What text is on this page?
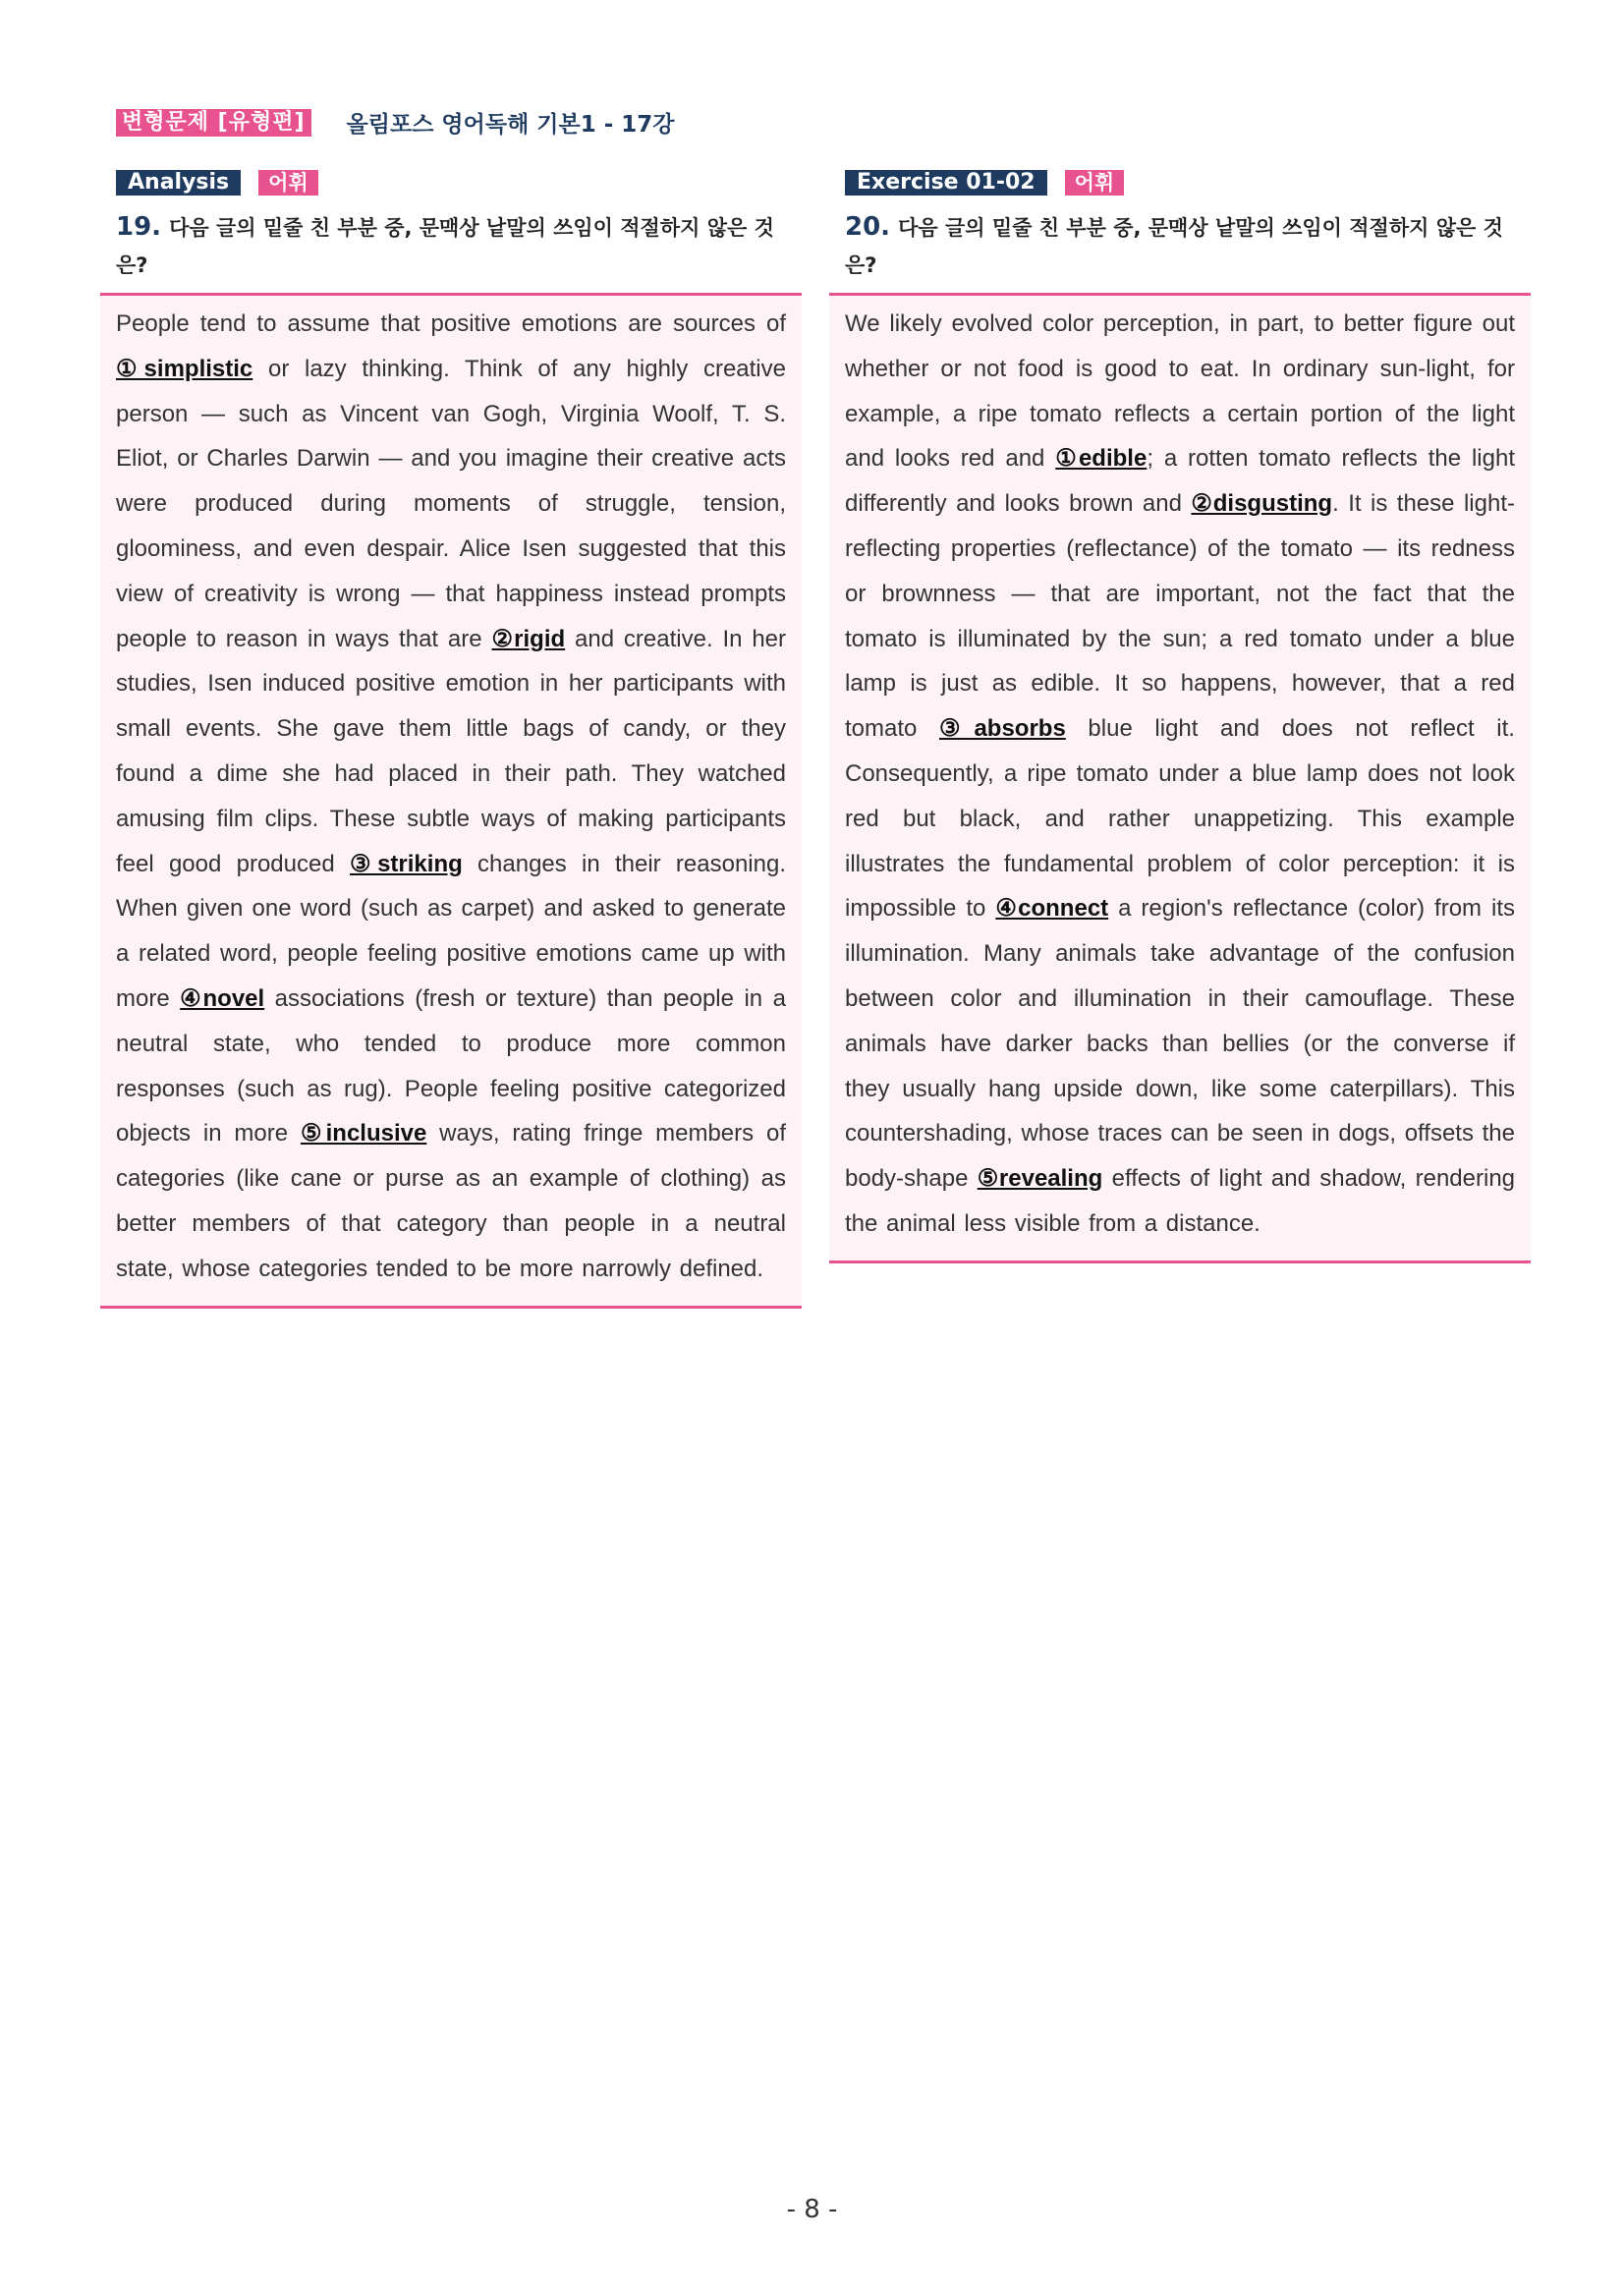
변형문제 [유형편] 올림포스 영어독해 기본1 - 17강
Analysis	어휘
19. 다음 글의 밑줄 친 부분 중, 문맥상 낱말의 쓰임이 적절하지 않은 것은?

People tend to assume that positive emotions are sources of ①simplistic or lazy thinking. Think of any highly creative person — such as Vincent van Gogh, Virginia Woolf, T. S. Eliot, or Charles Darwin — and you imagine their creative acts were produced during moments of struggle, tension, gloominess, and even despair. Alice Isen suggested that this view of creativity is wrong — that happiness instead prompts people to reason in ways that are ②rigid and creative. In her studies, Isen induced positive emotion in her participants with small events. She gave them little bags of candy, or they found a dime she had placed in their path. They watched amusing film clips. These subtle ways of making participants feel good produced ③striking changes in their reasoning. When given one word (such as carpet) and asked to generate a related word, people feeling positive emotions came up with more ④novel associations (fresh or texture) than people in a neutral state, who tended to produce more common responses (such as rug). People feeling positive categorized objects in more ⑤inclusive ways, rating fringe members of categories (like cane or purse as an example of clothing) as better members of that category than people in a neutral state, whose categories tended to be more narrowly defined.

Exercise 01-02	어휘
20. 다음 글의 밑줄 친 부분 중, 문맥상 낱말의 쓰임이 적절하지 않은 것은?

We likely evolved color perception, in part, to better figure out whether or not food is good to eat. In ordinary sun-light, for example, a ripe tomato reflects a certain portion of the light and looks red and ①edible; a rotten tomato reflects the light differently and looks brown and ②disgusting. It is these light-reflecting properties (reflectance) of the tomato — its redness or brownness — that are important, not the fact that the tomato is illuminated by the sun; a red tomato under a blue lamp is just as edible. It so happens, however, that a red tomato ③absorbs blue light and does not reflect it. Consequently, a ripe tomato under a blue lamp does not look red but black, and rather unappetizing. This example illustrates the fundamental problem of color perception: it is impossible to ④connect a region's reflectance (color) from its illumination. Many animals take advantage of the confusion between color and illumination in their camouflage. These animals have darker backs than bellies (or the converse if they usually hang upside down, like some caterpillars). This countershading, whose traces can be seen in dogs, offsets the body-shape ⑤revealing effects of light and shadow, rendering the animal less visible from a distance.

- 8 -
